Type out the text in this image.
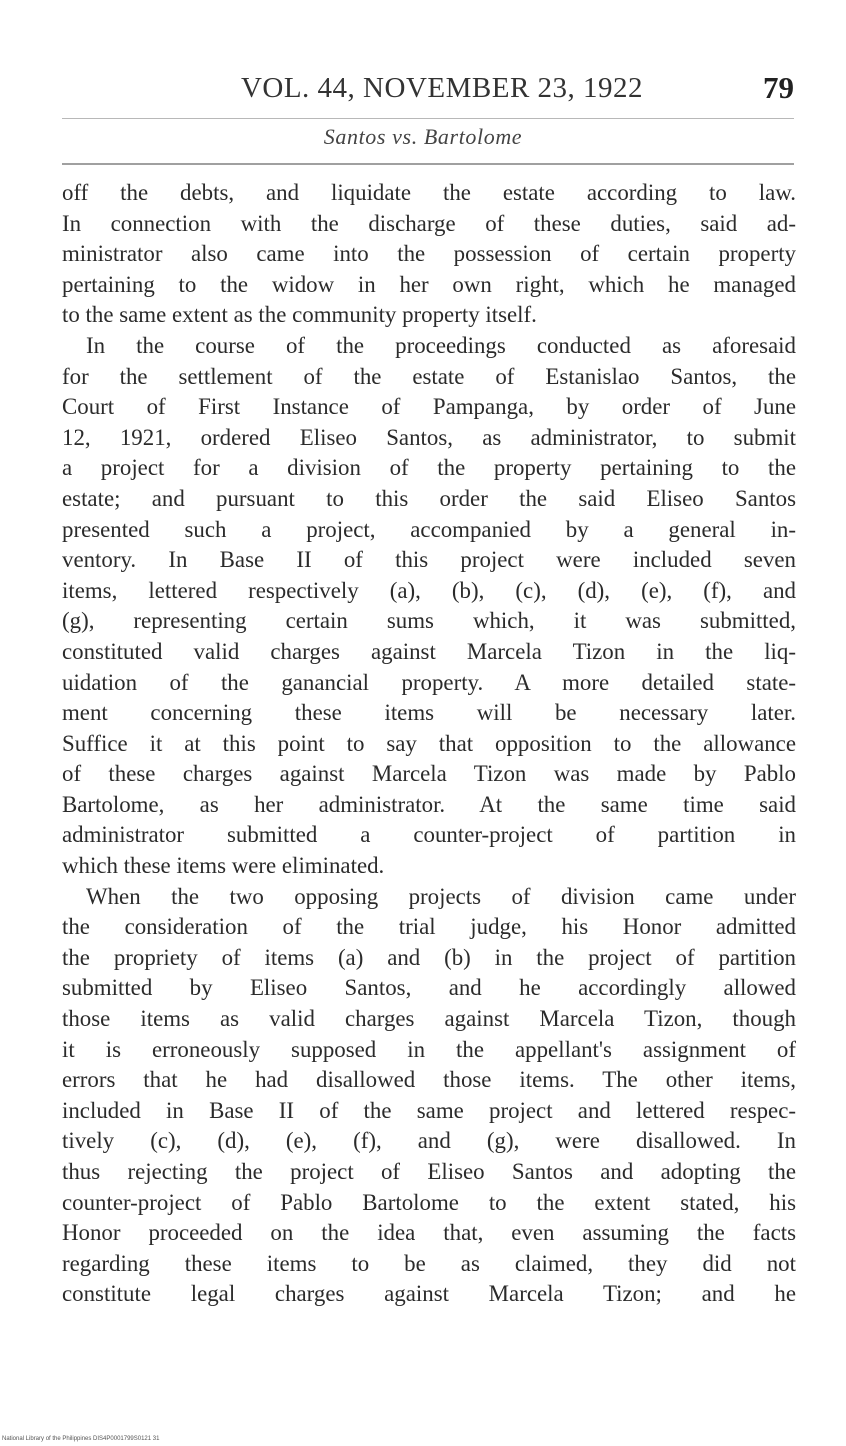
VOL. 44, NOVEMBER 23, 1922	79
Santos vs. Bartolome

off the debts, and liquidate the estate according to law.
In connection with the discharge of these duties, said ad-
ministrator also came into the possession of certain property
pertaining to the widow in her own right, which he managed
to the same extent as the community property itself.

In the course of the proceedings conducted as aforesaid
for the settlement of the estate of Estanislao Santos, the
Court of First Instance of Pampanga, by order of June
12, 1921, ordered Eliseo Santos, as administrator, to submit
a project for a division of the property pertaining to the
estate; and pursuant to this order the said Eliseo Santos
presented such a project, accompanied by a general in-
ventory. In Base II of this project were included seven
items, lettered respectively (a), (b), (c), (d), (e), (f), and
(g), representing certain sums which, it was submitted,
constituted valid charges against Marcela Tizon in the liq-
uidation of the ganancial property. A more detailed state-
ment concerning these items will be necessary later.
Suffice it at this point to say that opposition to the allowance
of these charges against Marcela Tizon was made by Pablo
Bartolome, as her administrator. At the same time said
administrator submitted a counter-project of partition in
which these items were eliminated.

When the two opposing projects of division came under
the consideration of the trial judge, his Honor admitted
the propriety of items (a) and (b) in the project of partition
submitted by Eliseo Santos, and he accordingly allowed
those items as valid charges against Marcela Tizon, though
it is erroneously supposed in the appellant's assignment of
errors that he had disallowed those items. The other items,
included in Base II of the same project and lettered respec-
tively (c), (d), (e), (f), and (g), were disallowed. In
thus rejecting the project of Eliseo Santos and adopting the
counter-project of Pablo Bartolome to the extent stated, his
Honor proceeded on the idea that, even assuming the facts
regarding these items to be as claimed, they did not
constitute legal charges against Marcela Tizon; and he

National Library of the Philippines DIS4P0001799S0121 31
